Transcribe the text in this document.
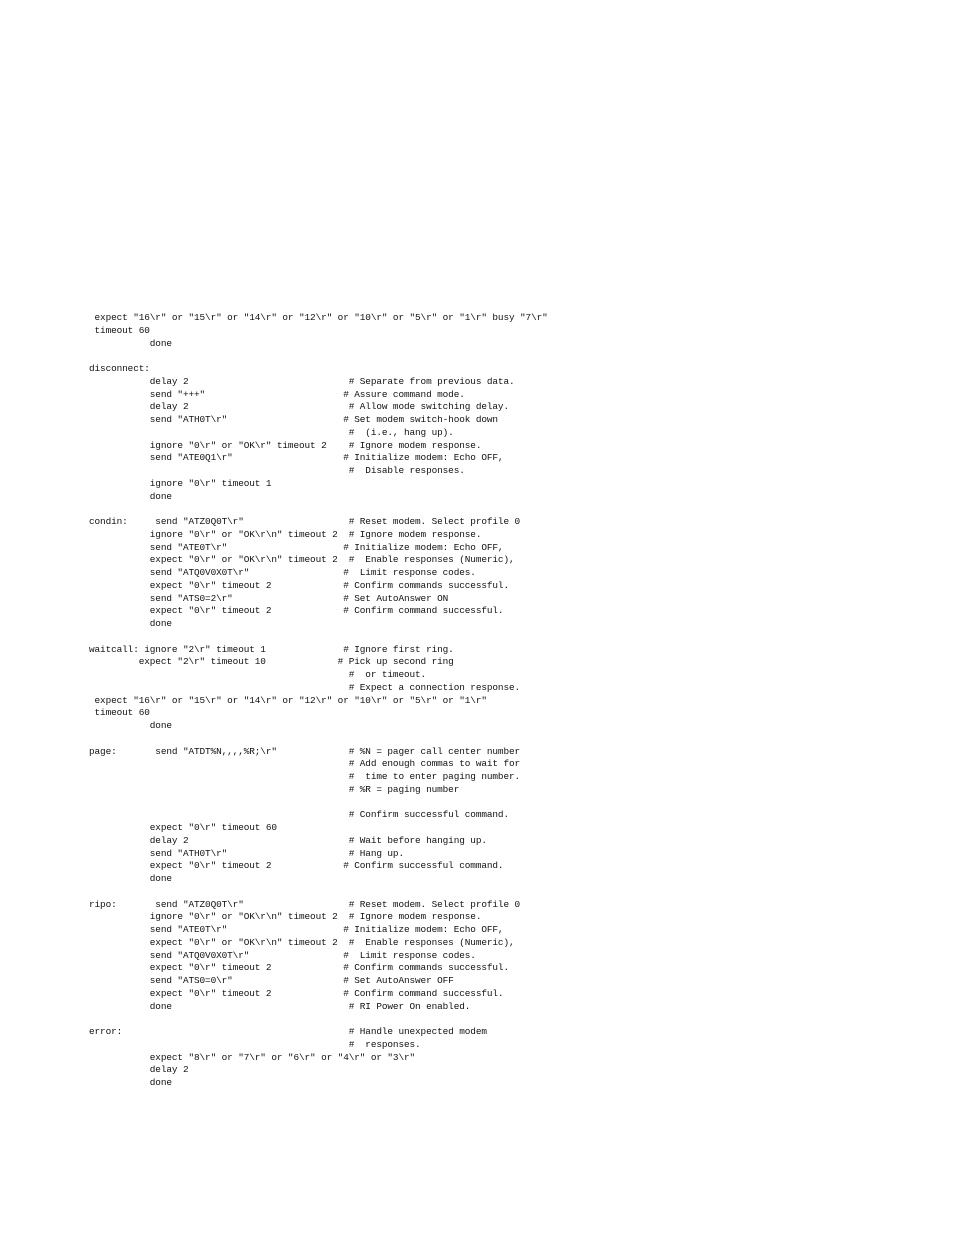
expect "16\r" or "15\r" or "14\r" or "12\r" or "10\r" or "5\r" or "1\r" busy "7\r"
timeout 60
done
disconnect:
delay 2                             # Separate from previous data.
send "+++"                         # Assure command mode.
delay 2                             # Allow mode switching delay.
send "ATH0T\r"                     # Set modem switch-hook down
#  (i.e., hang up).
ignore "0\r" or "OK\r" timeout 2    # Ignore modem response.
send "ATE0Q1\r"                    # Initialize modem: Echo OFF,
#  Disable responses.
ignore "0\r" timeout 1
done
condin:     send "ATZ0Q0T\r"                   # Reset modem. Select profile 0
ignore "0\r" or "OK\r\n" timeout 2  # Ignore modem response.
send "ATE0T\r"                     # Initialize modem: Echo OFF,
expect "0\r" or "OK\r\n" timeout 2  #  Enable responses (Numeric),
send "ATQ0V0X0T\r"                 #  Limit response codes.
expect "0\r" timeout 2             # Confirm commands successful.
send "ATS0=2\r"                    # Set AutoAnswer ON
expect "0\r" timeout 2             # Confirm command successful.
done
waitcall: ignore "2\r" timeout 1              # Ignore first ring.
expect "2\r" timeout 10             # Pick up second ring
#  or timeout.
# Expect a connection response.
expect "16\r" or "15\r" or "14\r" or "12\r" or "10\r" or "5\r" or "1\r"
timeout 60
done
page:       send "ATDT%N,,,,%R;\r"             # %N = pager call center number
# Add enough commas to wait for
#  time to enter paging number.
# %R = paging number
# Confirm successful command.
expect "0\r" timeout 60
delay 2                             # Wait before hanging up.
send "ATH0T\r"                      # Hang up.
expect "0\r" timeout 2             # Confirm successful command.
done
ripo:       send "ATZ0Q0T\r"                   # Reset modem. Select profile 0
ignore "0\r" or "OK\r\n" timeout 2  # Ignore modem response.
send "ATE0T\r"                     # Initialize modem: Echo OFF,
expect "0\r" or "OK\r\n" timeout 2  #  Enable responses (Numeric),
send "ATQ0V0X0T\r"                 #  Limit response codes.
expect "0\r" timeout 2             # Confirm commands successful.
send "ATS0=0\r"                    # Set AutoAnswer OFF
expect "0\r" timeout 2             # Confirm command successful.
done                                # RI Power On enabled.
error:                                         # Handle unexpected modem
#  responses.
expect "8\r" or "7\r" or "6\r" or "4\r" or "3\r"
delay 2
done
